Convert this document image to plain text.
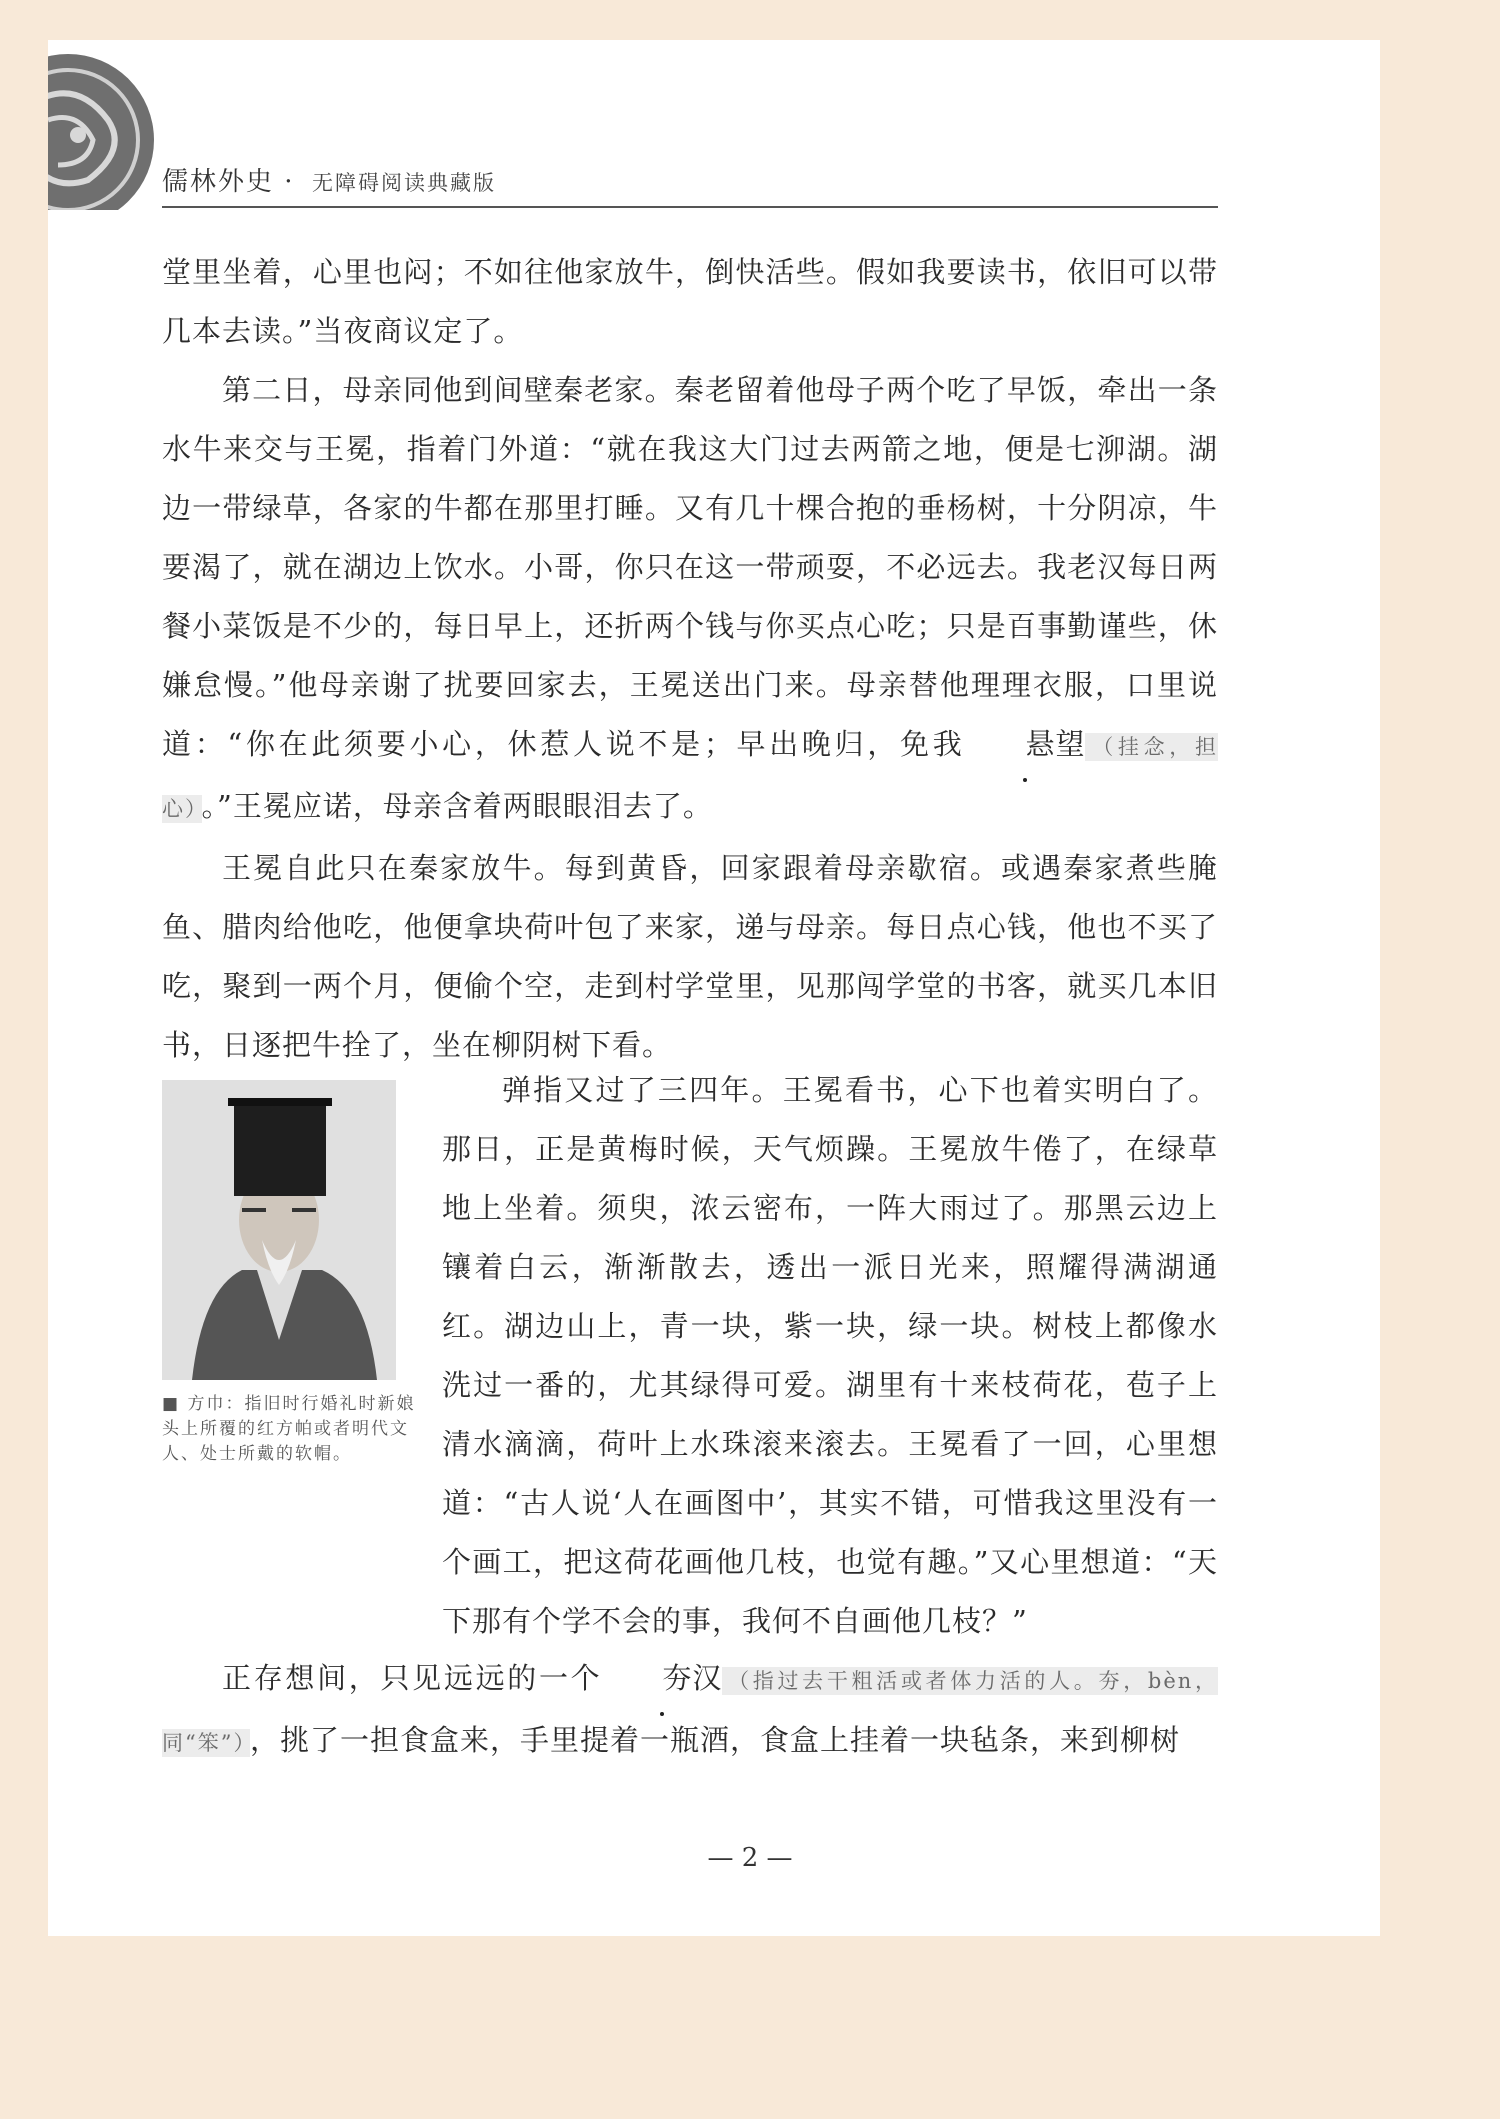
儒林外史 · 无障碍阅读典藏版

堂里坐着，心里也闷；不如往他家放牛，倒快活些。假如我要读书，依旧可以带几本去读。”当夜商议定了。

第二日，母亲同他到间壁秦老家。秦老留着他母子两个吃了早饭，牵出一条水牛来交与王冕，指着门外道：“就在我这大门过去两箭之地，便是七泖湖。湖边一带绿草，各家的牛都在那里打睡。又有几十棵合抱的垂杨树，十分阴凉，牛要渴了，就在湖边上饮水。小哥，你只在这一带顽耍，不必远去。我老汉每日两餐小菜饭是不少的，每日早上，还折两个钱与你买点心吃；只是百事勤谨些，休嫌怠慢。”他母亲谢了扰要回家去，王冕送出门来。母亲替他理理衣服，口里说道：“你在此须要小心，休惹人说不是；早出晚归，免我 悬望 （挂念，担心） 。”王冕应诺，母亲含着两眼眼泪去了。

王冕自此只在秦家放牛。每到黄昏，回家跟着母亲歇宿。或遇秦家煮些腌鱼、腊肉给他吃，他便拿块荷叶包了来家，递与母亲。每日点心钱，他也不买了吃，聚到一两个月，便偷个空，走到村学堂里，见那闯学堂的书客，就买几本旧书，日逐把牛拴了，坐在柳阴树下看。

■ 方巾：指旧时行婚礼时新娘头上所覆的红方帕或者明代文人、处士所戴的软帽。

弹指又过了三四年。王冕看书，心下也着实明白了。那日，正是黄梅时候，天气烦躁。王冕放牛倦了，在绿草地上坐着。须臾，浓云密布，一阵大雨过了。那黑云边上镶着白云，渐渐散去，透出一派日光来，照耀得满湖通红。湖边山上，青一块，紫一块，绿一块。树枝上都像水洗过一番的，尤其绿得可爱。湖里有十来枝荷花，苞子上清水滴滴，荷叶上水珠滚来滚去。王冕看了一回，心里想道：“古人说‘人在画图中’，其实不错，可惜我这里没有一个画工，把这荷花画他几枝，也觉有趣。”又心里想道：“天下那有个学不会的事，我何不自画他几枝？”

正存想间，只见远远的一个 夯汉 （指过去干粗活或者体力活的人。夯，bèn，同“笨”） ，挑了一担食盒来，手里提着一瓶酒，食盒上挂着一块毡条，来到柳树

— 2 —
